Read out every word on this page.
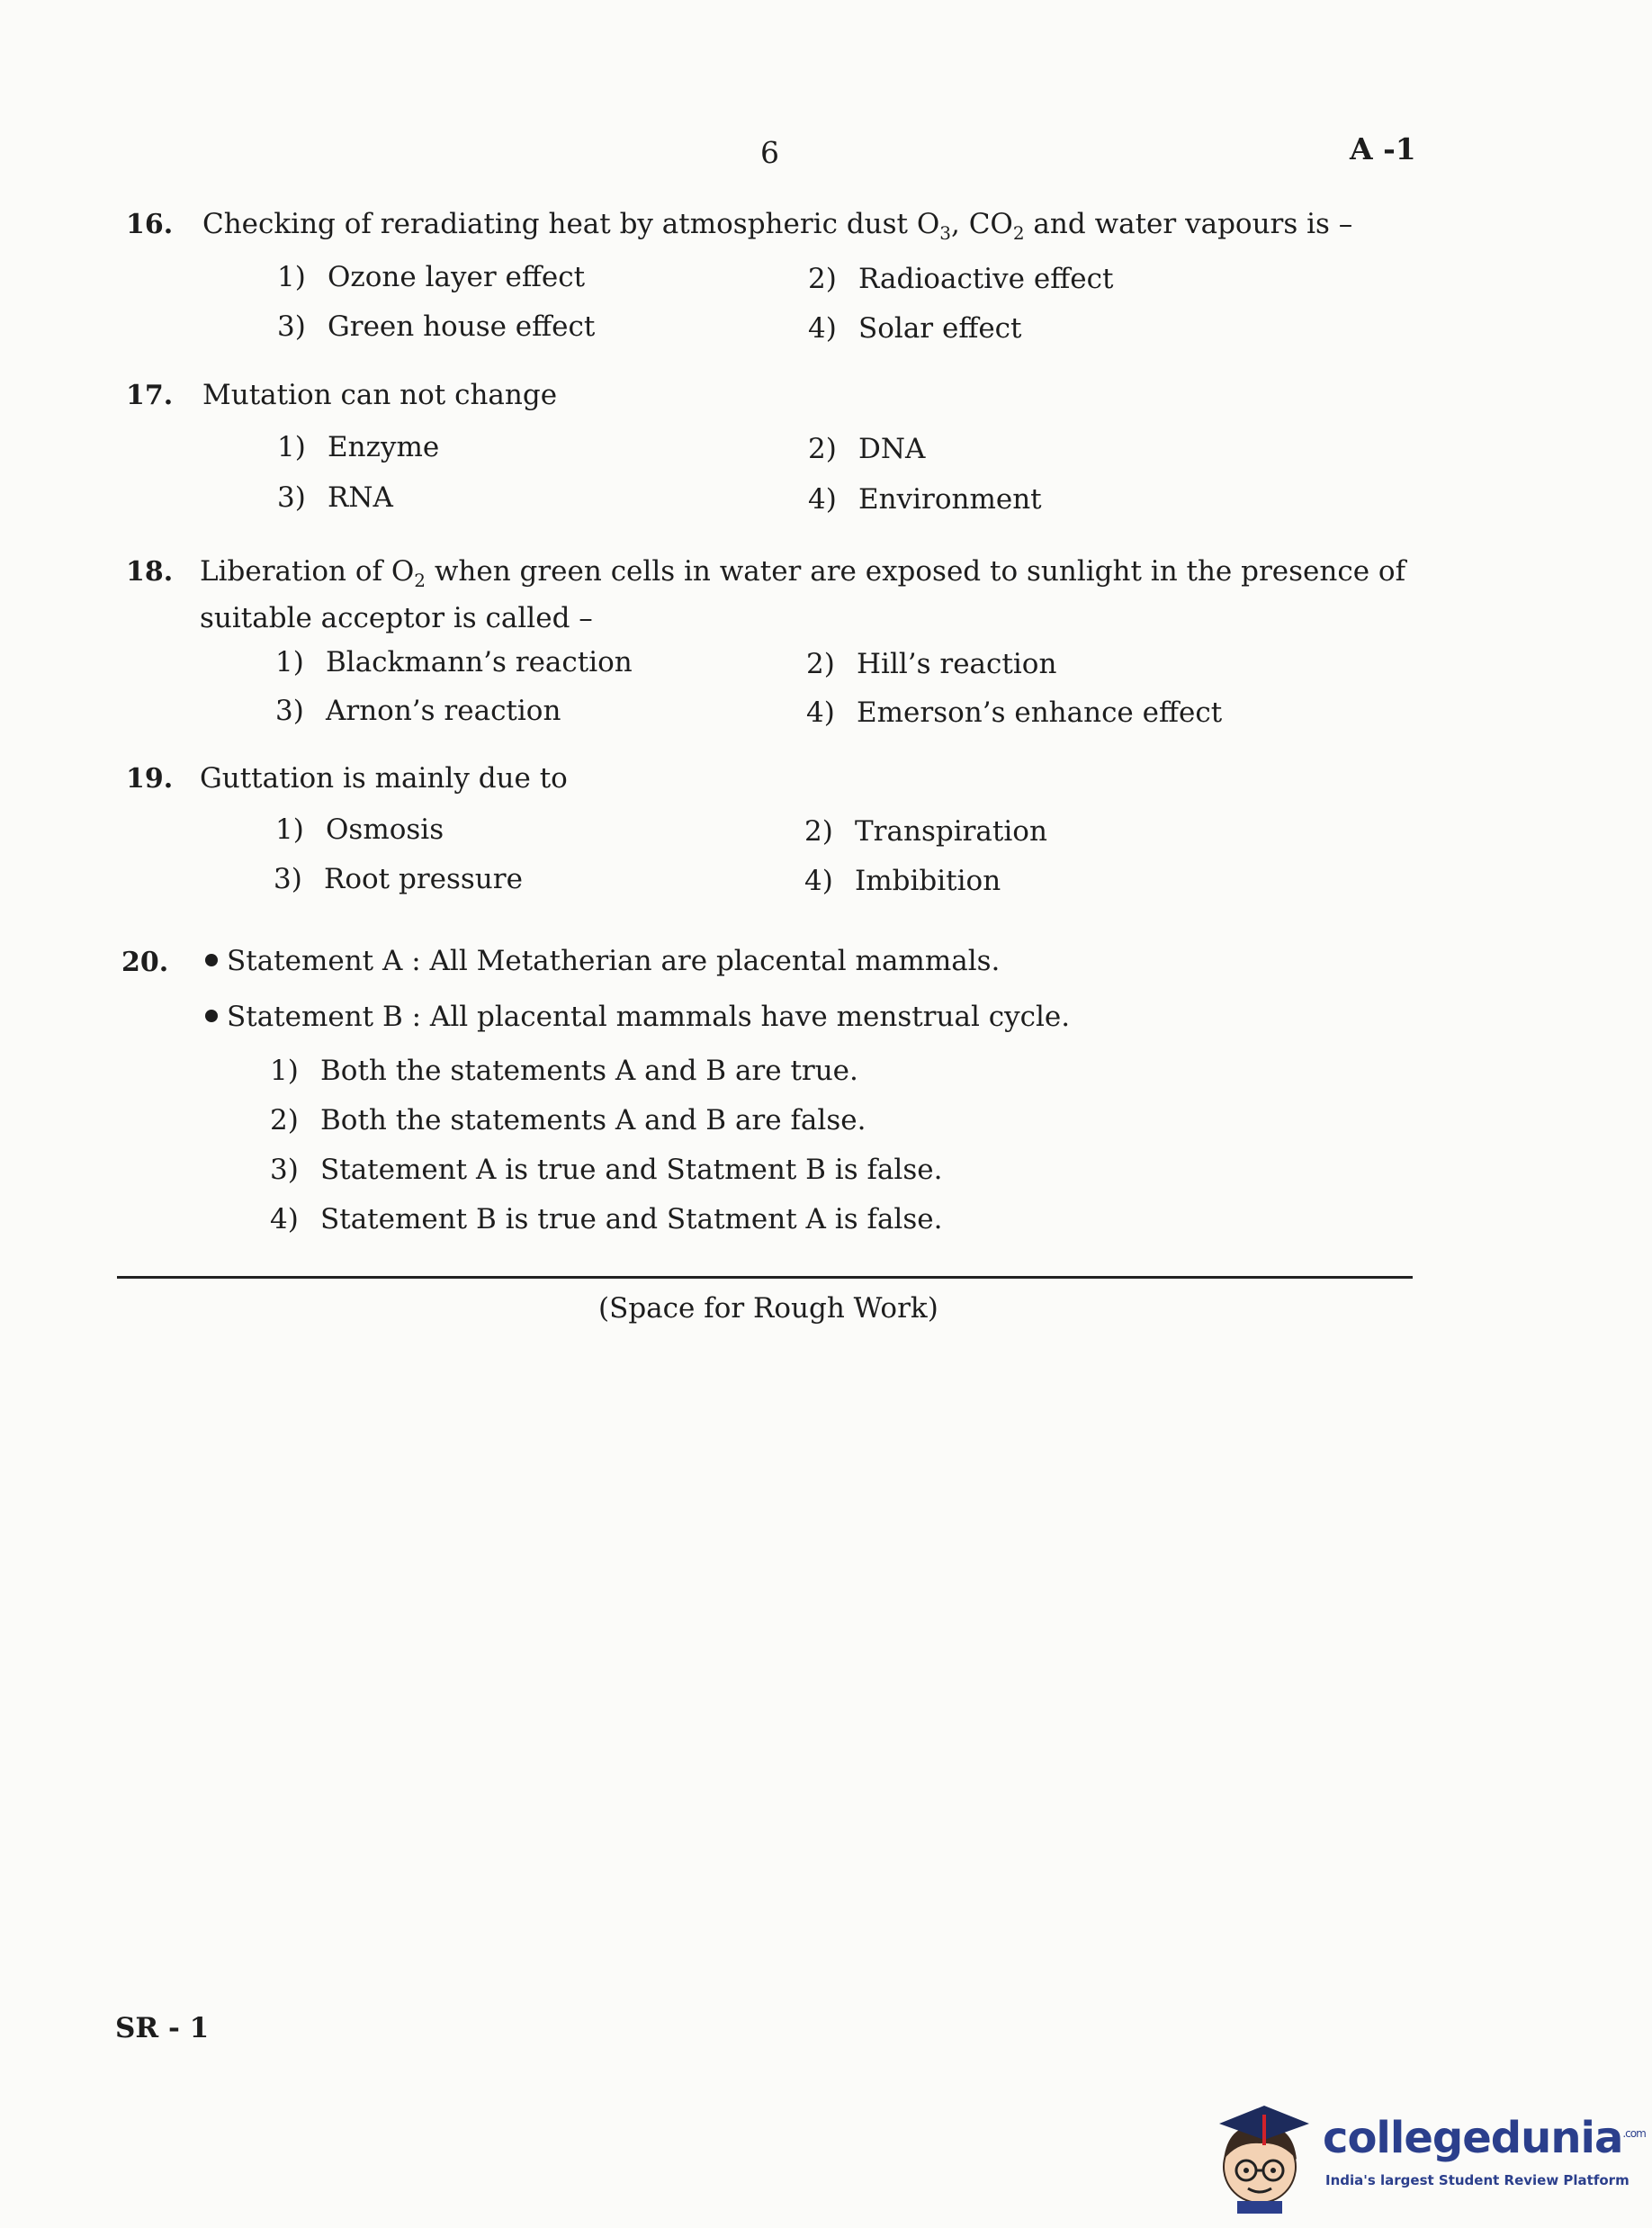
6	A -1
16. Checking of reradiating heat by atmospheric dust $O_3$, $CO_2$ and water vapours is –
1) Ozone layer effect	2) Radioactive effect
3) Green house effect	4) Solar effect
17. Mutation can not change
1) Enzyme	2) DNA
3) RNA	4) Environment
18. Liberation of $O_2$ when green cells in water are exposed to sunlight in the presence of suitable acceptor is called –
1) Blackmann’s reaction	2) Hill’s reaction
3) Arnon’s reaction	4) Emerson’s enhance effect
19. Guttation is mainly due to
1) Osmosis	2) Transpiration
3) Root pressure	4) Imbibition
20.	Statement A : All Metatherian are placental mammals.
Statement B : All placental mammals have menstrual cycle.
1) Both the statements A and B are true.
2) Both the statements A and B are false.
3) Statement A is true and Statment B is false.
4) Statement B is true and Statment A is false.
(Space for Rough Work)
SR - 1
collegedunia$^{.com}$
India's largest Student Review Platform
